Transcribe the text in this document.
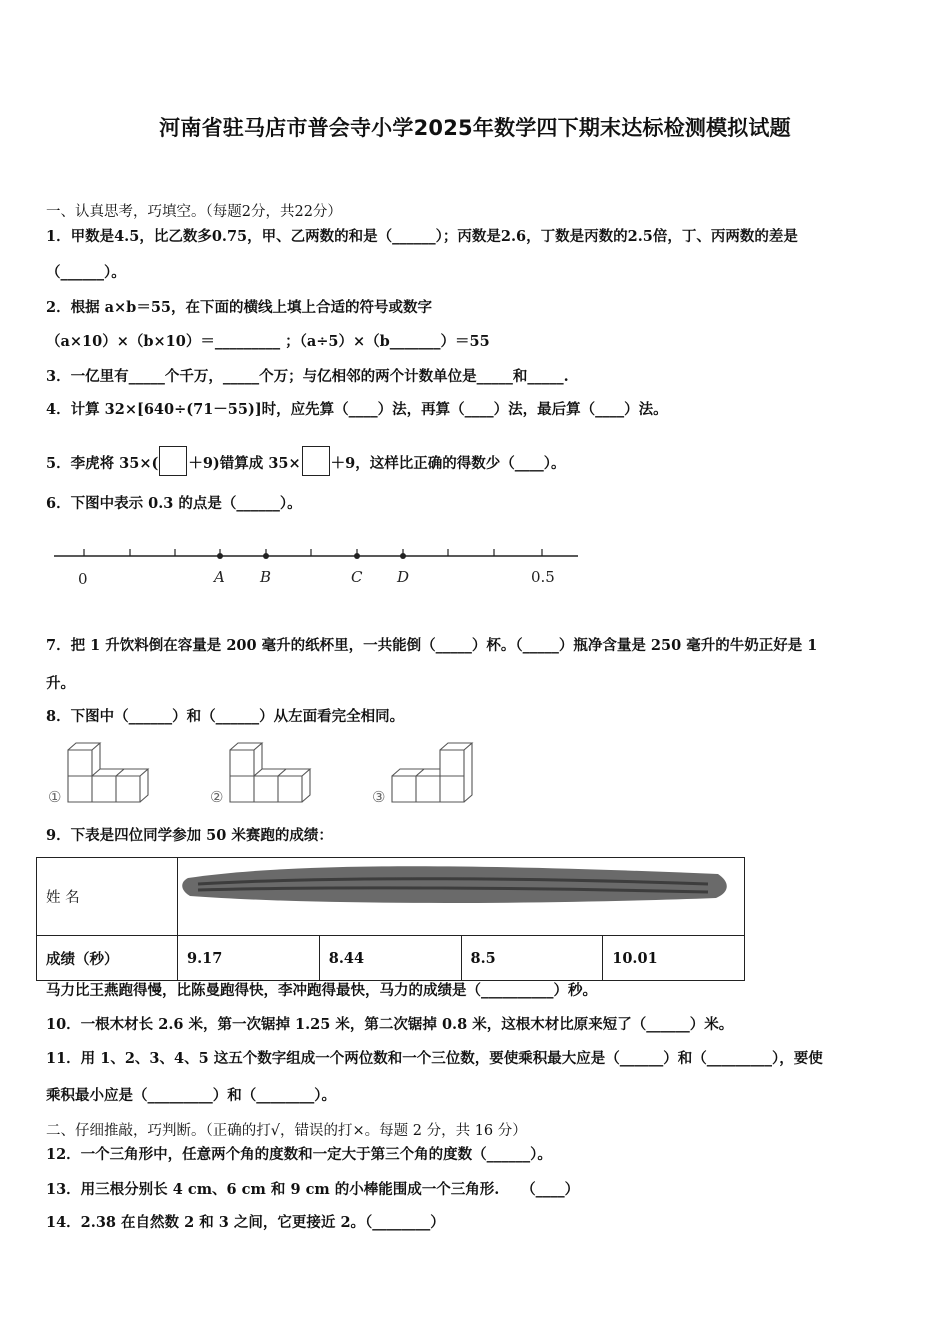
河南省驻马店市普会寺小学2025年数学四下期末达标检测模拟试题
一、认真思考，巧填空。（每题2分，共22分）
1．甲数是4.5，比乙数多0.75，甲、乙两数的和是（______）；丙数是2.6，丁数是丙数的2.5倍，丁、丙两数的差是
（______）。
2．根据 a×b＝55，在下面的横线上填上合适的符号或数字
（a×10）×（b×10）＝_________ ；（a÷5）×（b_______）＝55
3．一亿里有_____个千万，_____个万；与亿相邻的两个计数单位是_____和_____.
4．计算 32×[640÷(71－55)]时，应先算（____）法，再算（____）法，最后算（____）法。
5．李虎将 35×( ＋9)错算成 35× ＋9，这样比正确的得数少（____）。
6．下图中表示 0.3 的点是（______）。
0	A B	C D	0.5
7．把 1 升饮料倒在容量是 200 毫升的纸杯里，一共能倒（_____）杯。（_____）瓶净含量是 250 毫升的牛奶正好是 1
升。
8．下图中（______）和（______）从左面看完全相同。
①	②	③
9．下表是四位同学参加 50 米赛跑的成绩：
姓 名	
成绩（秒）	9.17	8.44	8.5	10.01
马力比王燕跑得慢，比陈曼跑得快，李冲跑得最快，马力的成绩是（__________）秒。
10．一根木材长 2.6 米，第一次锯掉 1.25 米，第二次锯掉 0.8 米，这根木材比原来短了（______）米。
11．用 1、2、3、4、5 这五个数字组成一个两位数和一个三位数，要使乘积最大应是（______）和（_________），要使
乘积最小应是（_________）和（________）。
二、仔细推敲，巧判断。（正确的打√，错误的打×。每题 2 分，共 16 分）
12．一个三角形中，任意两个角的度数和一定大于第三个角的度数（______）。
13．用三根分别长 4 cm、6 cm 和 9 cm 的小棒能围成一个三角形.　　（____）
14．2.38 在自然数 2 和 3 之间，它更接近 2。（________）
